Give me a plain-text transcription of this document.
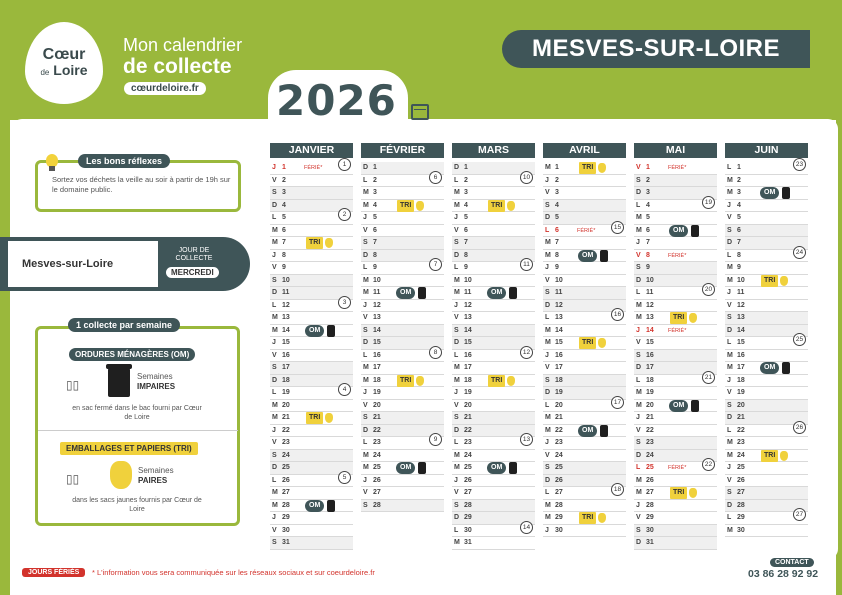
Cœur
de Loire
Mon calendrier
de collecte
cœurdeloire.fr 2026
MESVES-SUR-LOIRE
Les bons réflexes
Sortez vos déchets la veille au soir à partir de 19h sur le domaine public.
Mesves-sur-Loire
JOUR DE COLLECTE
MERCREDI
1 collecte par semaine
ORDURES MÉNAGÈRES (OM)
▯▯
Semaines
IMPAIRES
en sac fermé dans le bac fourni par Cœur de Loire
EMBALLAGES ET PAPIERS (TRI)
▯▯
Semaines
PAIRES
dans les sacs jaunes fournis par Cœur de Loire
JANVIER
J 1	FÉRIÉ*	1
V 2
S 3
D 4
L 5	2
M 6
M 7	TRI
J 8
V 9
S 10
D 11
L 12	3
M 13
M 14	OM
J 15
V 16
S 17
D 18
L 19	4
M 20
M 21	TRI
J 22
V 23
S 24
D 25
L 26	5
M 27
M 28	OM
J 29
V 30
S 31
FÉVRIER
D 1
L 2	6
M 3
M 4	TRI
J 5
V 6
S 7
D 8
L 9	7
M 10
M 11	OM
J 12
V 13
S 14
D 15
L 16	8
M 17
M 18	TRI
J 19
V 20
S 21
D 22
L 23	9
M 24
M 25	OM
J 26
V 27
S 28
MARS
D 1
L 2	10
M 3
M 4	TRI
J 5
V 6
S 7
D 8
L 9	11
M 10
M 11	OM
J 12
V 13
S 14
D 15
L 16	12
M 17
M 18	TRI
J 19
V 20
S 21
D 22
L 23	13
M 24
M 25	OM
J 26
V 27
S 28
D 29
L 30	14
M 31
AVRIL
M 1	TRI
J 2
V 3
S 4
D 5
L 6	FÉRIÉ*	15
M 7
M 8	OM
J 9
V 10
S 11
D 12
L 13	16
M 14
M 15	TRI
J 16
V 17
S 18
D 19
L 20	17
M 21
M 22	OM
J 23
V 24
S 25
D 26
L 27	18
M 28
M 29	TRI
J 30
MAI
V 1	FÉRIÉ*
S 2
D 3
L 4	19
M 5
M 6	OM
J 7
V 8	FÉRIÉ*
S 9
D 10
L 11	20
M 12
M 13	TRI
J 14	FÉRIÉ*
V 15
S 16
D 17
L 18	21
M 19
M 20	OM
J 21
V 22
S 23
D 24
L 25	FÉRIÉ*	22
M 26
M 27	TRI
J 28
V 29
S 30
D 31
JUIN
L 1	23
M 2
M 3	OM
J 4
V 5
S 6
D 7
L 8	24
M 9
M 10	TRI
J 11
V 12
S 13
D 14
L 15	25
M 16
M 17	OM
J 18
V 19
S 20
D 21
L 22	26
M 23
M 24	TRI
J 25
V 26
S 27
D 28
L 29	27
M 30
JOURS FÉRIÉS	* L'information vous sera communiquée sur les réseaux sociaux et sur coeurdeloire.fr
CONTACT
03 86 28 92 92
